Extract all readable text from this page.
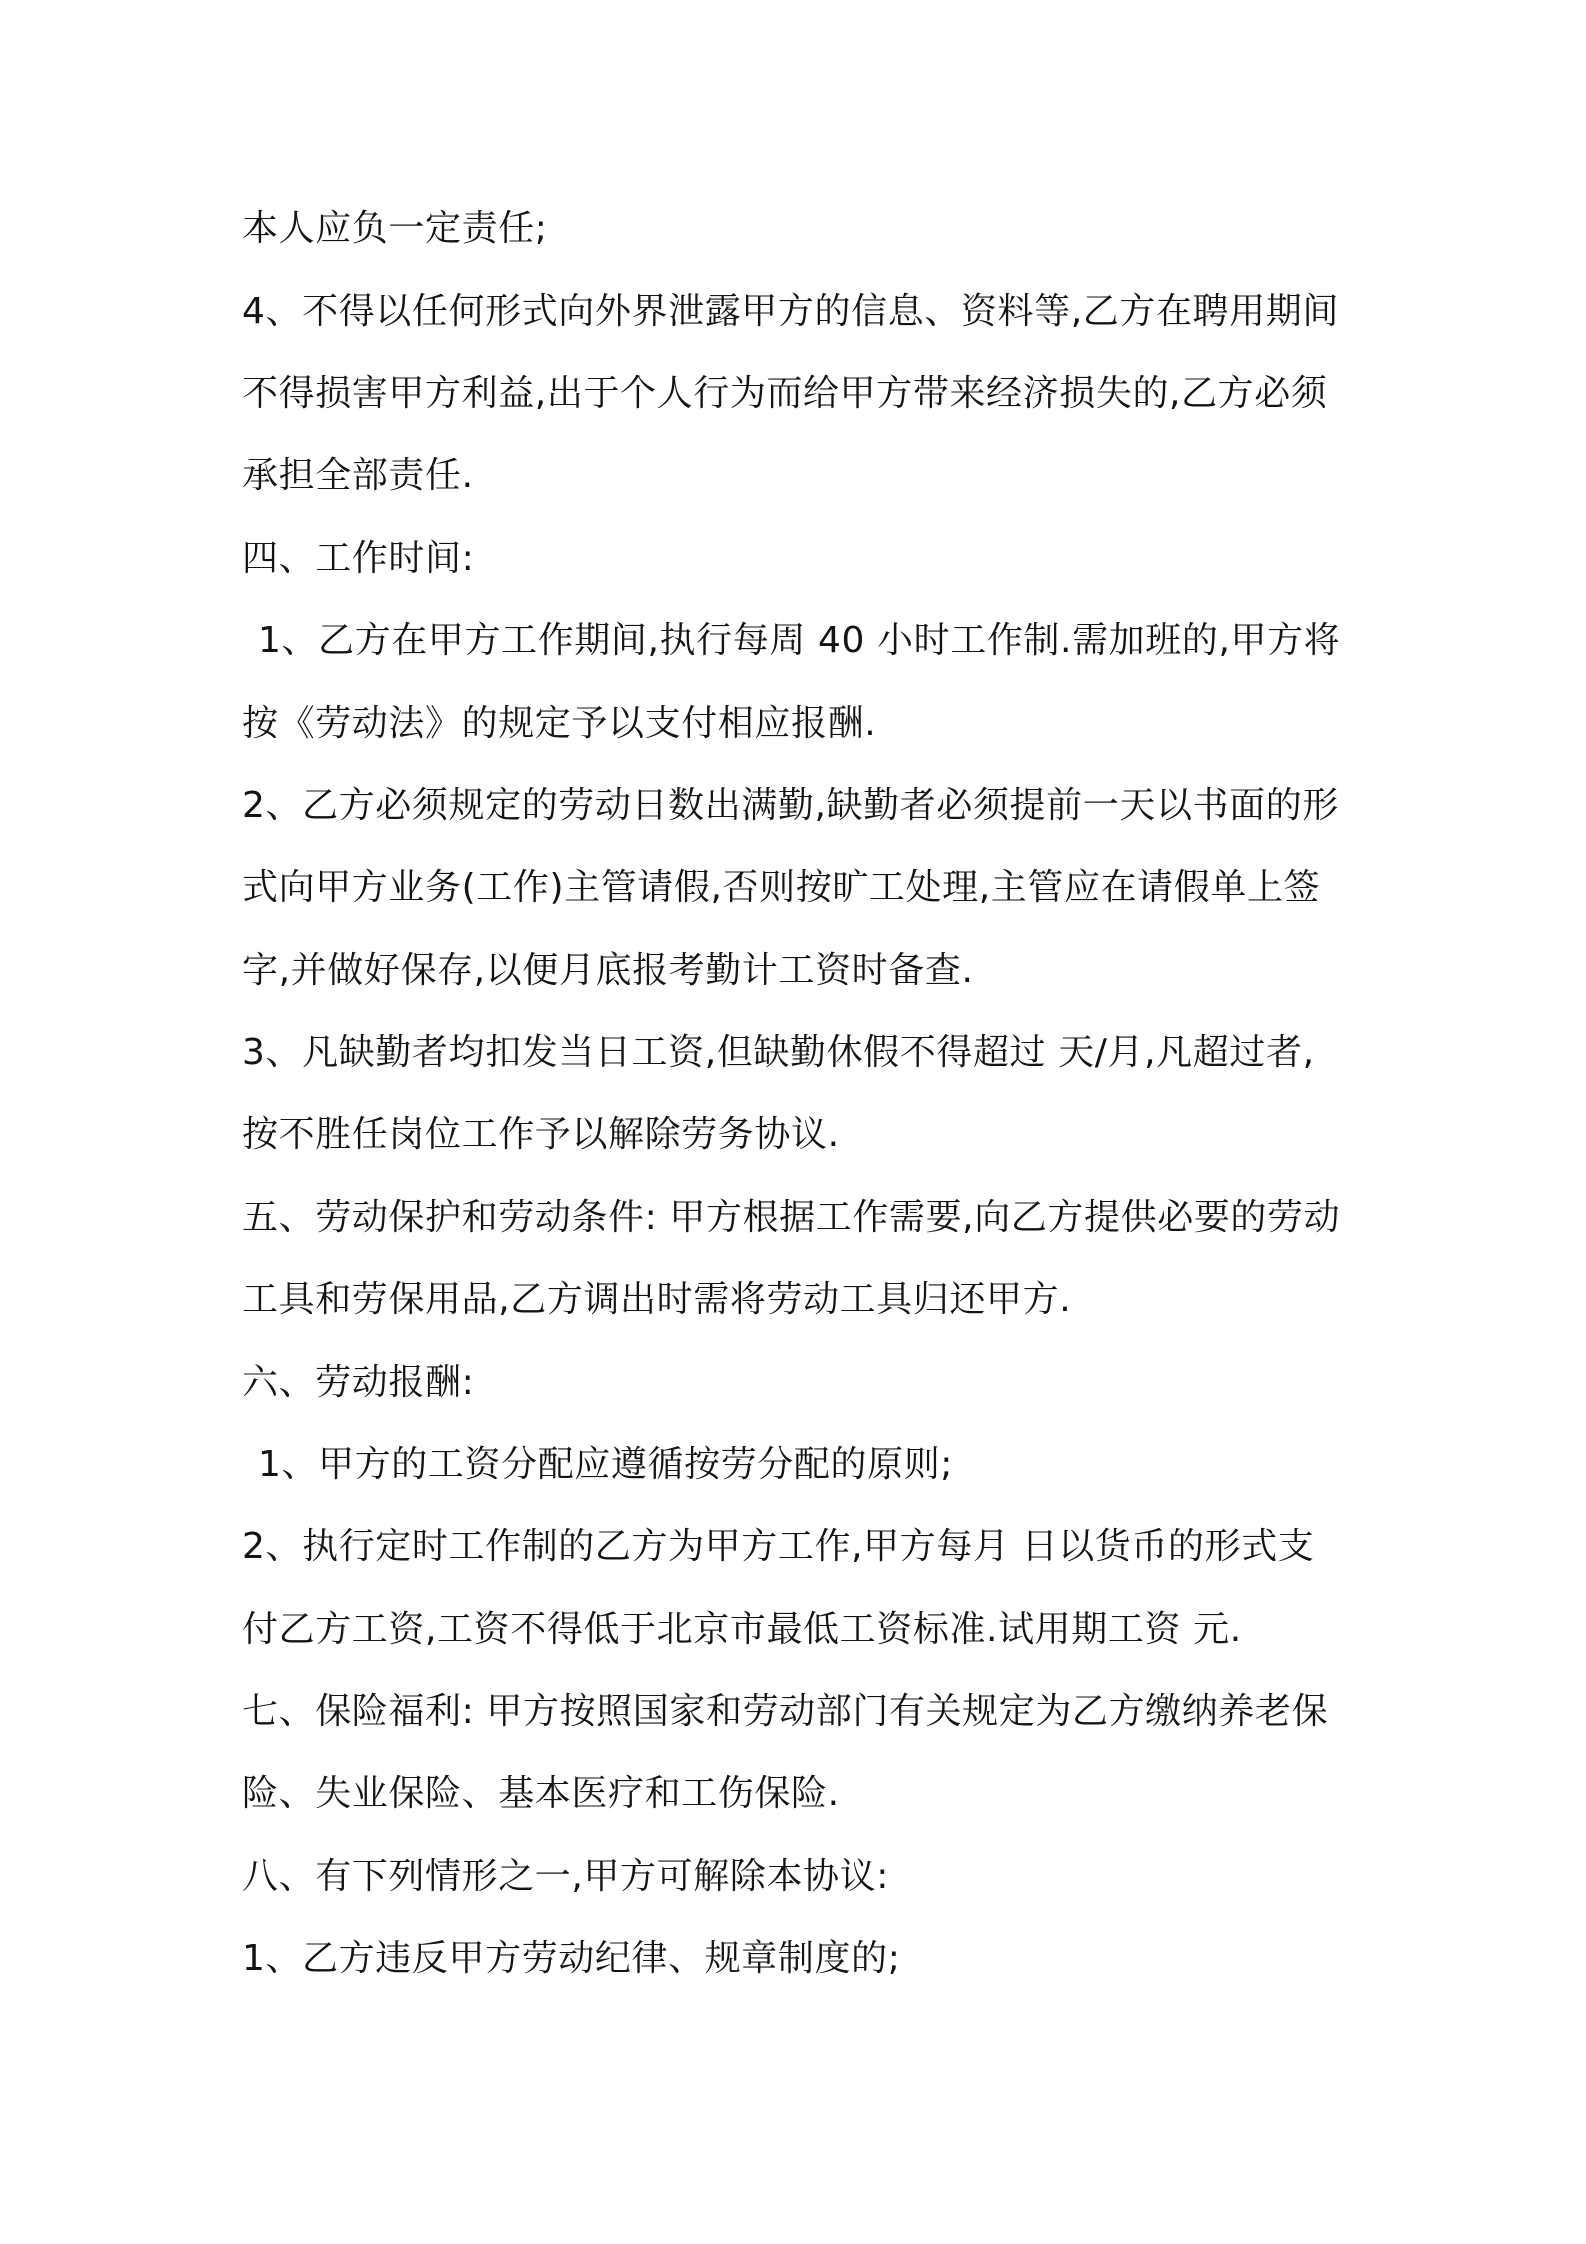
本人应负一定责任;
4、不得以任何形式向外界泄露甲方的信息、资料等,乙方在聘用期间
不得损害甲方利益,出于个人行为而给甲方带来经济损失的,乙方必须
承担全部责任.
四、工作时间:
1、乙方在甲方工作期间,执行每周 40 小时工作制.需加班的,甲方将
按《劳动法》的规定予以支付相应报酬.
2、乙方必须规定的劳动日数出满勤,缺勤者必须提前一天以书面的形
式向甲方业务(工作)主管请假,否则按旷工处理,主管应在请假单上签
字,并做好保存,以便月底报考勤计工资时备查.
3、凡缺勤者均扣发当日工资,但缺勤休假不得超过 天/月,凡超过者,
按不胜任岗位工作予以解除劳务协议.
五、劳动保护和劳动条件: 甲方根据工作需要,向乙方提供必要的劳动
工具和劳保用品,乙方调出时需将劳动工具归还甲方.
六、劳动报酬:
1、甲方的工资分配应遵循按劳分配的原则;
2、执行定时工作制的乙方为甲方工作,甲方每月 日以货币的形式支
付乙方工资,工资不得低于北京市最低工资标准.试用期工资 元.
七、保险福利: 甲方按照国家和劳动部门有关规定为乙方缴纳养老保
险、失业保险、基本医疗和工伤保险.
八、有下列情形之一,甲方可解除本协议:
1、乙方违反甲方劳动纪律、规章制度的;
